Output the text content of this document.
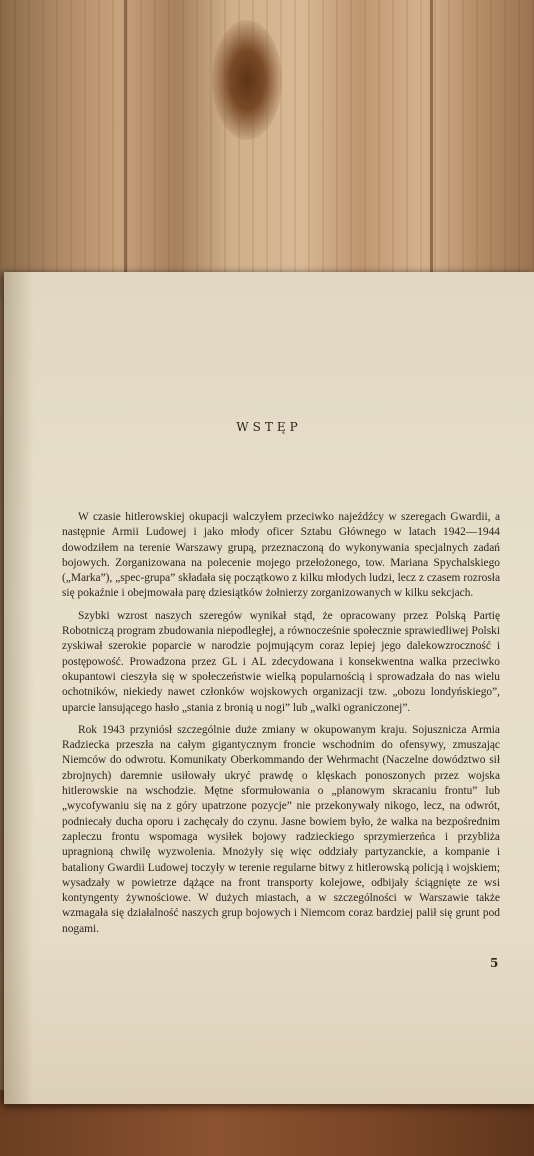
WSTĘP

W czasie hitlerowskiej okupacji walczyłem przeciwko najeźdźcy w szeregach Gwardii, a następnie Armii Ludowej i jako młody oficer Sztabu Głównego w latach 1942—1944 dowodziłem na terenie Warszawy grupą, przeznaczoną do wykonywania specjalnych zadań bojowych. Zorganizowana na polecenie mojego przełożonego, tow. Mariana Spychalskiego („Marka”), „spec-grupa” składała się początkowo z kilku młodych ludzi, lecz z czasem rozrosła się pokaźnie i obejmowała parę dziesiątków żołnierzy zorganizowanych w kilku sekcjach.

Szybki wzrost naszych szeregów wynikał stąd, że opracowany przez Polską Partię Robotniczą program zbudowania niepodległej, a równocześnie społecznie sprawiedliwej Polski zyskiwał szerokie poparcie w narodzie pojmującym coraz lepiej jego dalekowzroczność i postępowość. Prowadzona przez GL i AL zdecydowana i konsekwentna walka przeciwko okupantowi cieszyła się w społeczeństwie wielką popularnością i sprowadzała do nas wielu ochotników, niekiedy nawet członków wojskowych organizacji tzw. „obozu londyńskiego”, uparcie lansującego hasło „stania z bronią u nogi” lub „walki ograniczonej”.

Rok 1943 przyniósł szczególnie duże zmiany w okupowanym kraju. Sojusznicza Armia Radziecka przeszła na całym gigantycznym froncie wschodnim do ofensywy, zmuszając Niemców do odwrotu. Komunikaty Oberkommando der Wehrmacht (Naczelne dowództwo sił zbrojnych) daremnie usiłowały ukryć prawdę o klęskach ponoszonych przez wojska hitlerowskie na wschodzie. Mętne sformułowania o „planowym skracaniu frontu” lub „wycofywaniu się na z góry upatrzone pozycje” nie przekonywały nikogo, lecz, na odwrót, podniecały ducha oporu i zachęcały do czynu. Jasne bowiem było, że walka na bezpośrednim zapleczu frontu wspomaga wysiłek bojowy radzieckiego sprzymierzeńca i przybliża upragnioną chwilę wyzwolenia. Mnożyły się więc oddziały partyzanckie, a kompanie i bataliony Gwardii Ludowej toczyły w terenie regularne bitwy z hitlerowską policją i wojskiem; wysadzały w powietrze dążące na front transporty kolejowe, odbijały ściągnięte ze wsi kontyngenty żywnościowe. W dużych miastach, a w szczególności w Warszawie także wzmagała się działalność naszych grup bojowych i Niemcom coraz bardziej palił się grunt pod nogami.

5
